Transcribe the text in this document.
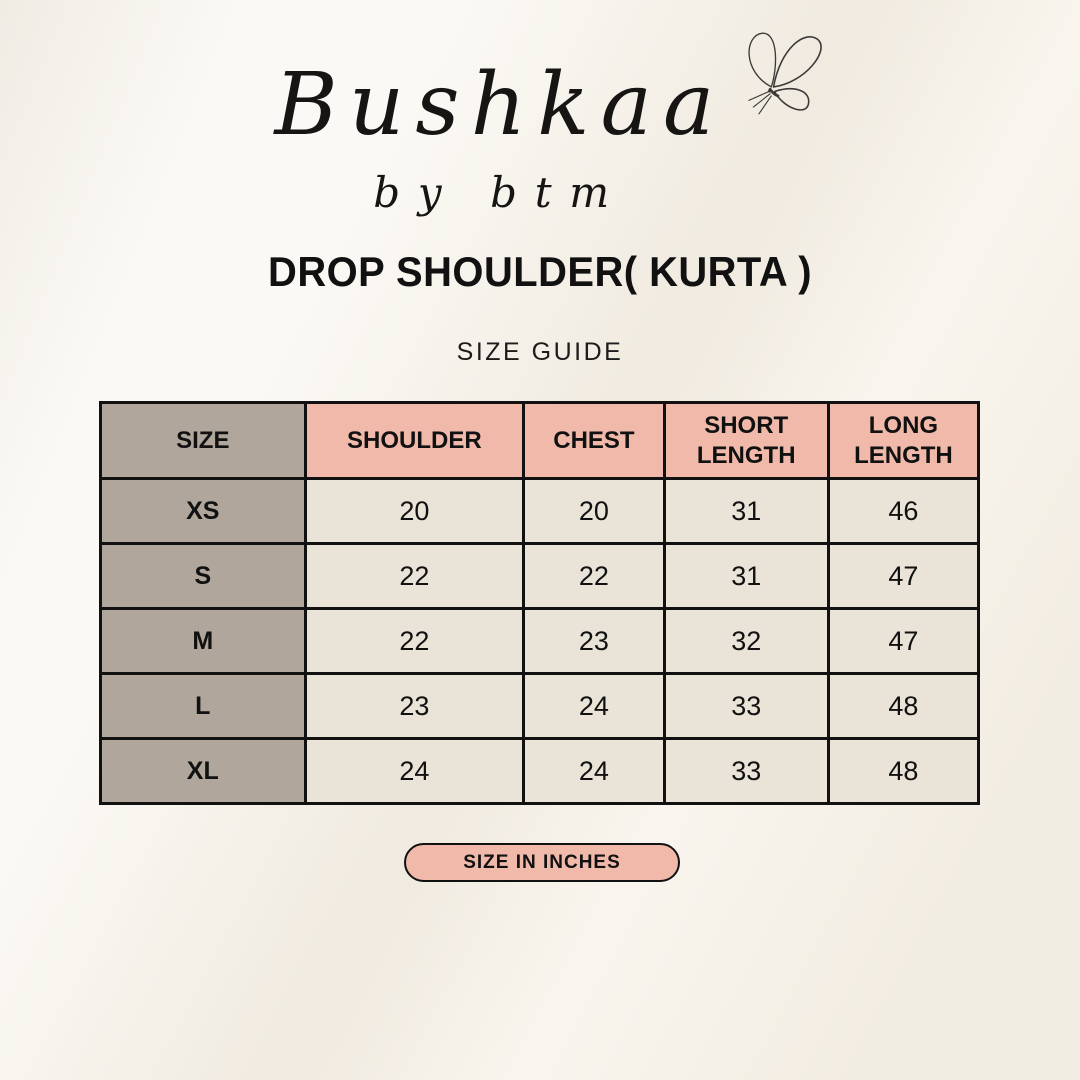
Bushkaa
by btm
DROP SHOULDER( KURTA )
SIZE GUIDE
SIZE	SHOULDER	CHEST	SHORT LENGTH	LONG LENGTH
XS	20	20	31	46
S	22	22	31	47
M	22	23	32	47
L	23	24	33	48
XL	24	24	33	48
SIZE IN INCHES
